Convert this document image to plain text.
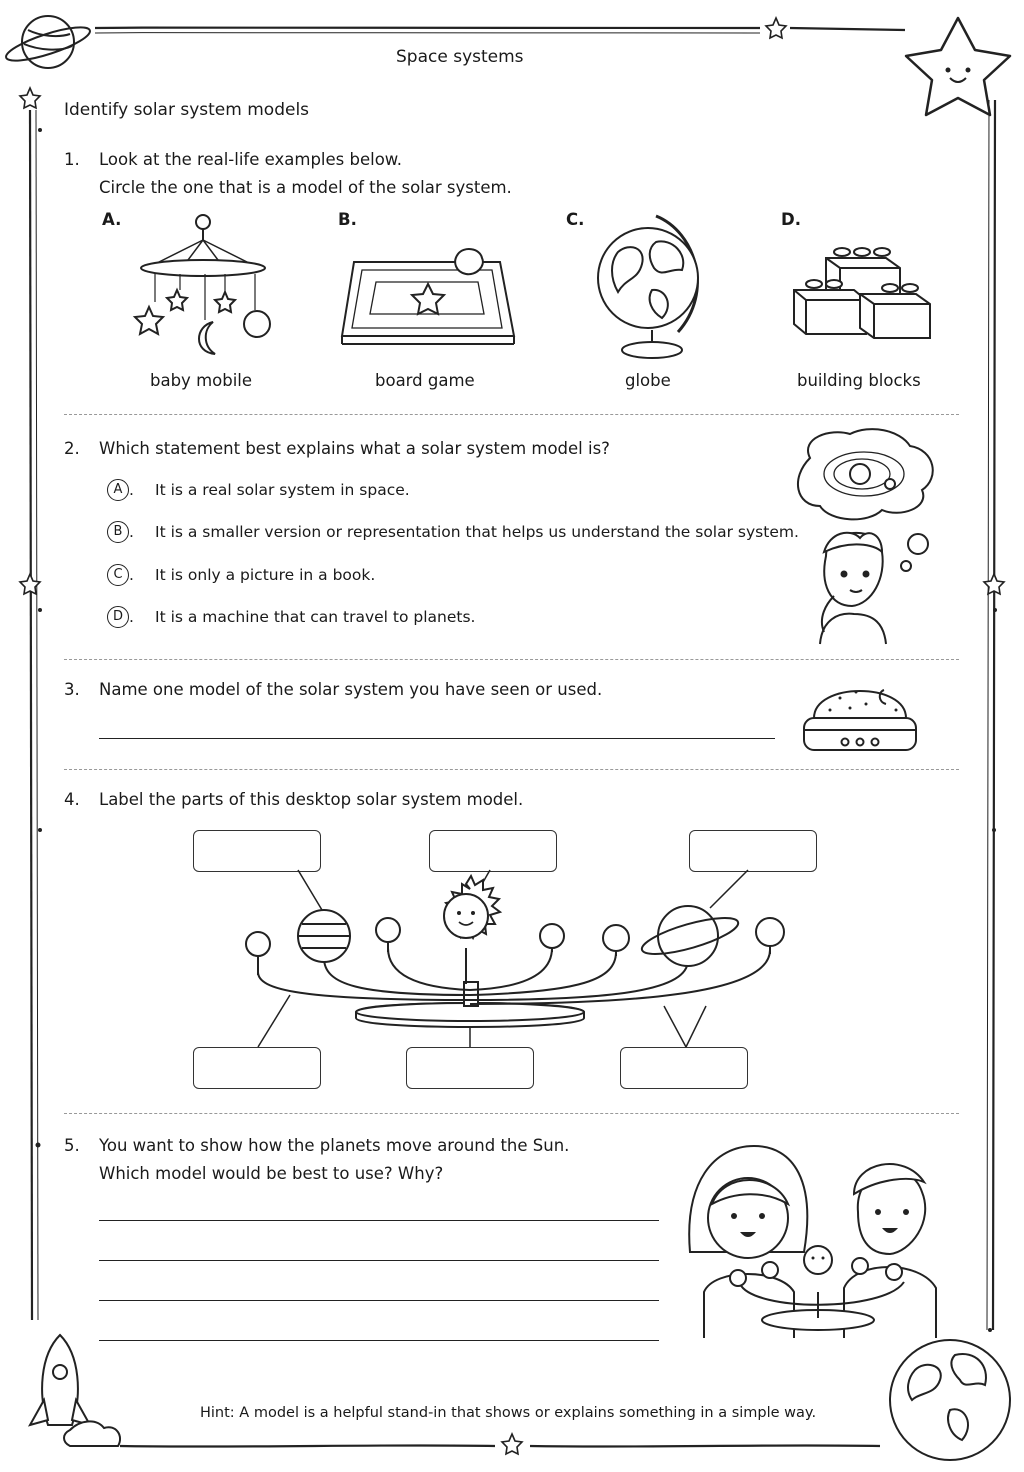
Space systems
Identify solar system models
1. Look at the real-life examples below.
Circle the one that is a model of the solar system.
A.	B.	C.	D.
baby mobile	board game	globe	building blocks
2. Which statement best explains what a solar system model is?
A . It is a real solar system in space.
B . It is a smaller version or representation that helps us understand the solar system.
C . It is only a picture in a book.
D . It is a machine that can travel to planets.
3. Name one model of the solar system you have seen or used.
4. Label the parts of this desktop solar system model.
5. You want to show how the planets move around the Sun.
Which model would be best to use? Why?
Hint: A model is a helpful stand-in that shows or explains something in a simple way.
